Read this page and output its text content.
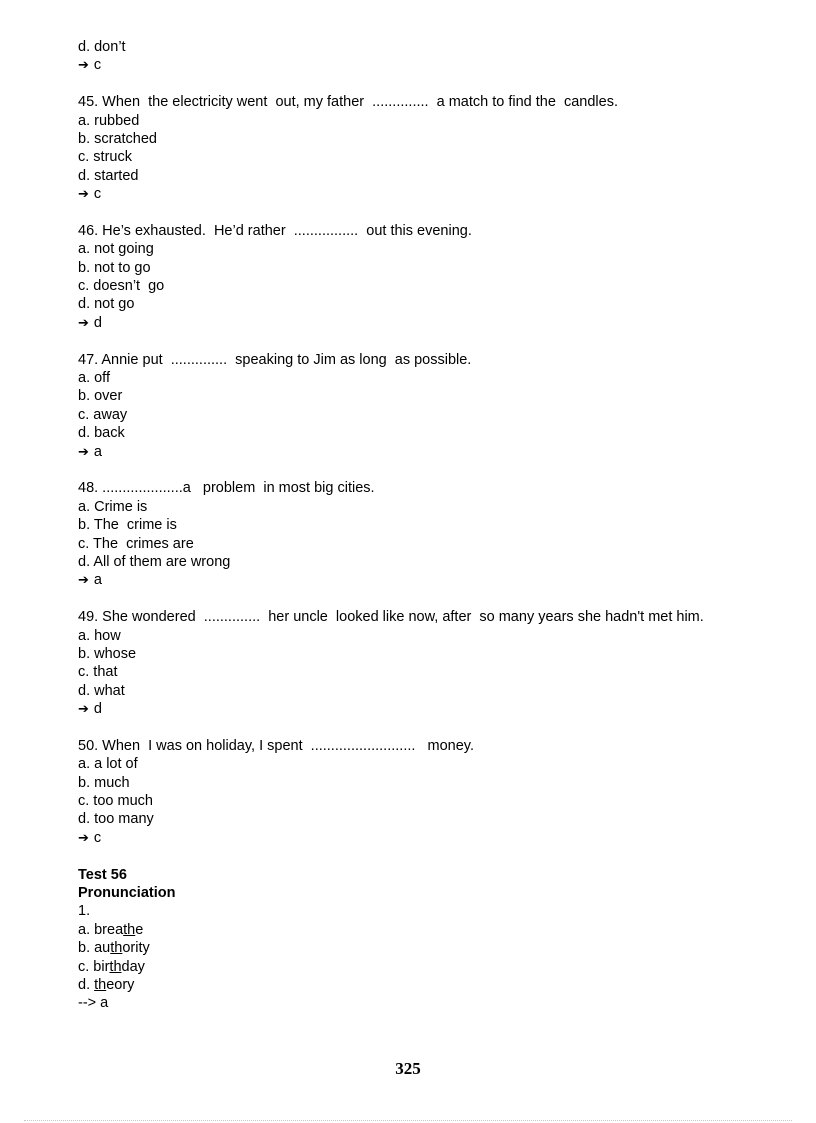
d. don’t
➔ c
45. When  the electricity went  out, my father  ..............  a match to find the  candles.
a. rubbed
b. scratched
c. struck
d. started
➔ c
46. He’s exhausted.  He’d rather  ................  out this evening.
a. not going
b. not to go
c. doesn’t  go
d. not go
➔ d
47. Annie put  ..............  speaking to Jim as long  as possible.
a. off
b. over
c. away
d. back
➔ a
48. ....................a   problem  in most big cities.
a. Crime is
b. The  crime is
c. The  crimes are
d. All of them are wrong
➔ a
49. She wondered  ..............  her uncle  looked like now, after  so many years she hadn't met him.
a. how
b. whose
c. that
d. what
➔ d
50. When  I was on holiday, I spent  ..........................   money.
a. a lot of
b. much
c. too much
d. too many
➔ c
Test 56
Pronunciation
1.
a. breathe
b. authority
c. birthday
d. theory
--> a
325
